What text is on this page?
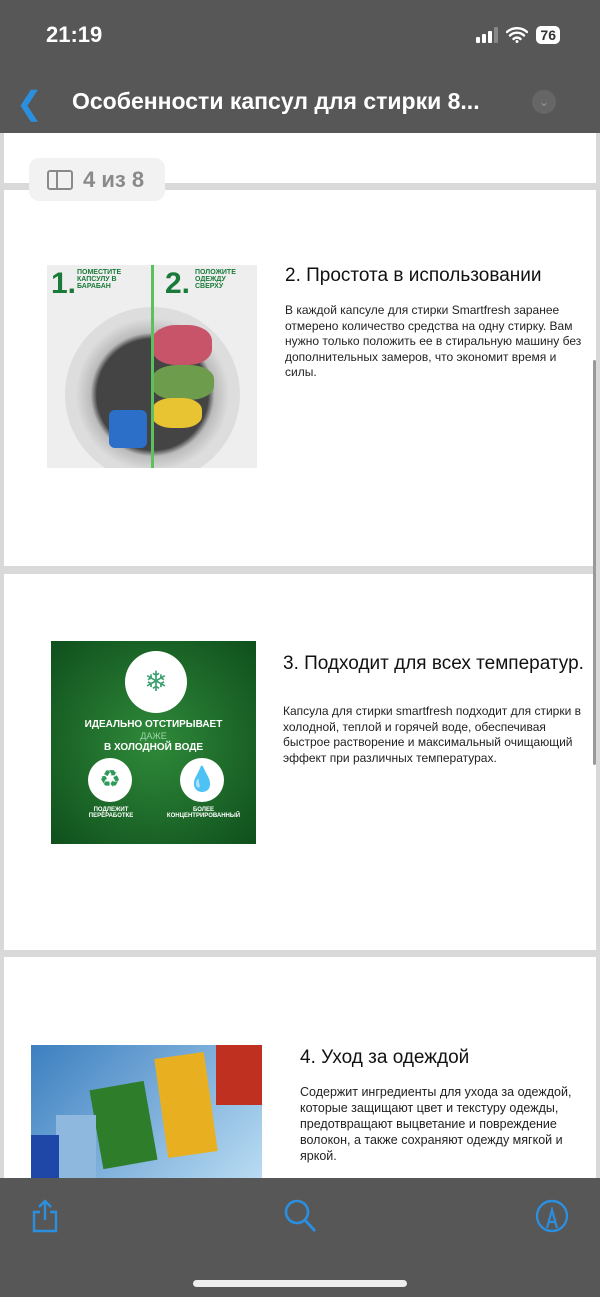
21:19	76
❮ Особенности капсул для стирки 8...	⌄
4 из 8
1. ПОМЕСТИТЕ КАПСУЛУ В БАРАБАН	2. ПОЛОЖИТЕ ОДЕЖДУ СВЕРХУ
2. Простота в использовании
В каждой капсуле для стирки Smartfresh заранее отмерено количество средства на одну стирку. Вам нужно только положить ее в стиральную машину без дополнительных замеров, что экономит время и силы.
❄
ИДЕАЛЬНО ОТСТИРЫВАЕТ
ДАЖЕ
В ХОЛОДНОЙ ВОДЕ
♻	💧
ПОДЛЕЖИТ ПЕРЕРАБОТКЕ
БОЛЕЕ КОНЦЕНТРИРОВАННЫЙ
3. Подходит для всех температур.
Капсула для стирки smartfresh подходит для стирки в холодной, теплой и горячей воде, обеспечивая быстрое растворение и максимальный очищающий эффект при различных температурах.
4. Уход за одеждой
Содержит ингредиенты для ухода за одеждой, которые защищают цвет и текстуру одежды, предотвращают выцветание и повреждение волокон, а также сохраняют одежду мягкой и яркой.
